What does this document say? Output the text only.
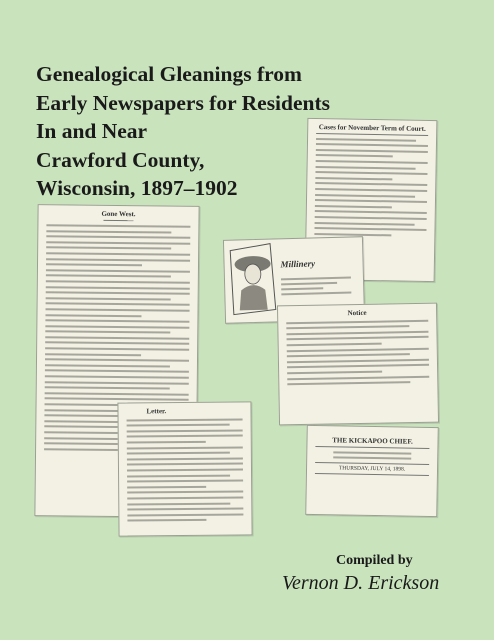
Genealogical Gleanings from
Early Newspapers for Residents
In and Near
Crawford County,
Wisconsin, 1897–1902
Cases for November Term of Court.
Millinery
Notice
THE KICKAPOO CHIEF.
THURSDAY, JULY 14, 1898.
Gone West.
Letter.

Compiled by

Vernon D. Erickson
